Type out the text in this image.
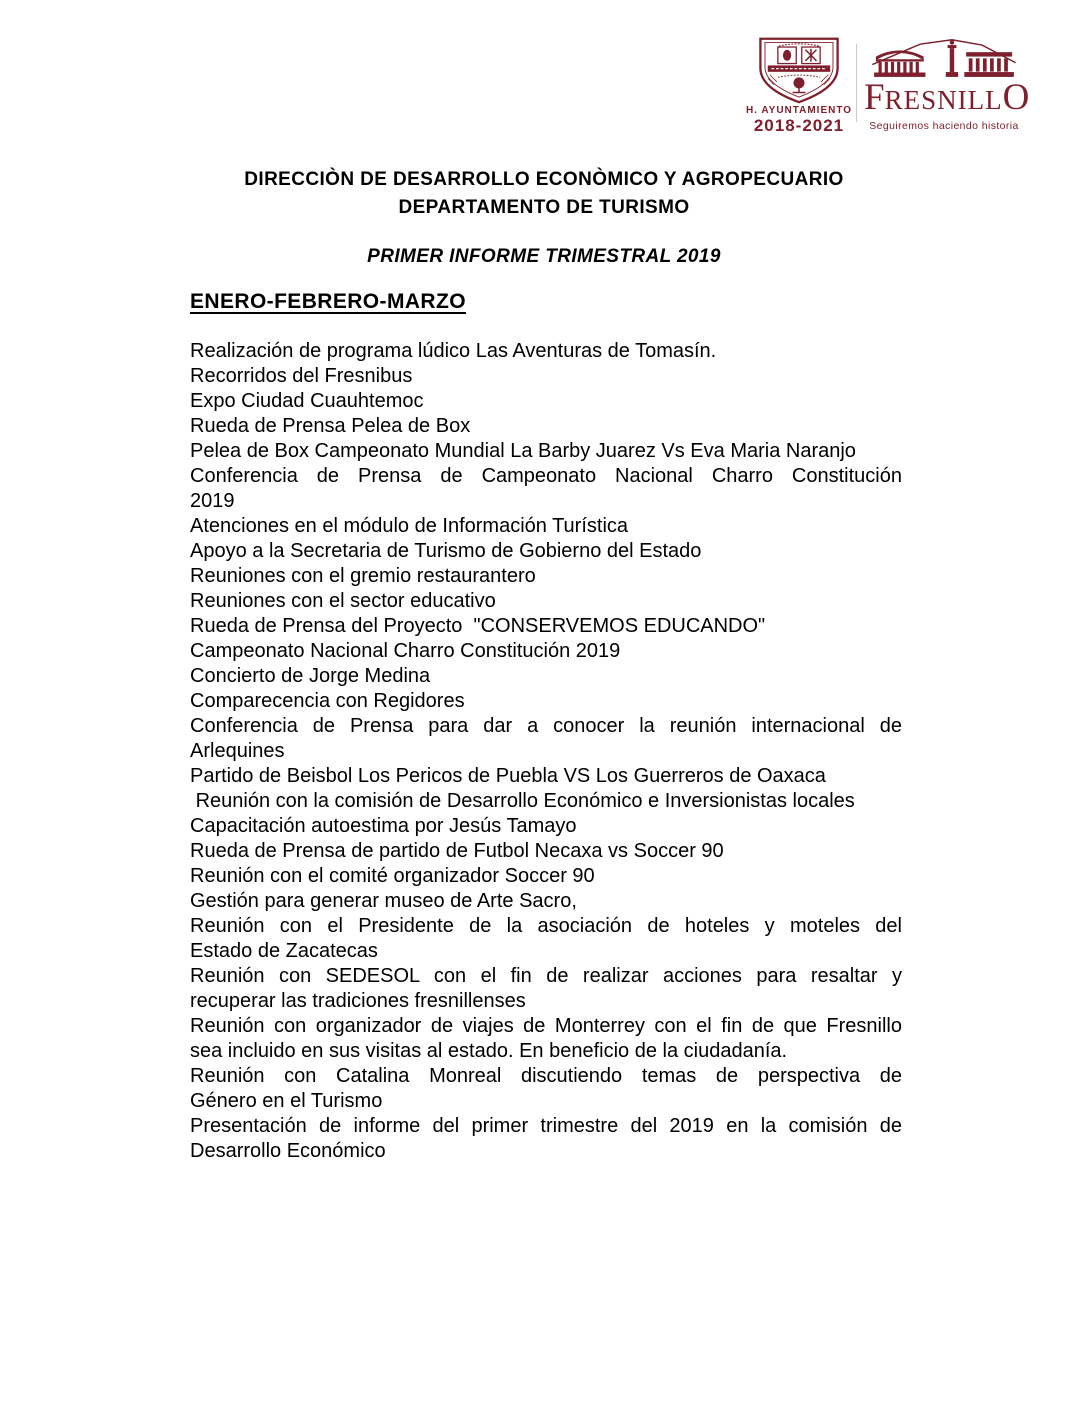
H. AYUNTAMIENTO
2018-2021
FRESNILLO
Seguiremos haciendo historia
DIRECCIÒN DE DESARROLLO ECONÒMICO Y AGROPECUARIO
DEPARTAMENTO DE TURISMO
PRIMER INFORME TRIMESTRAL 2019
ENERO-FEBRERO-MARZO
Realización de programa lúdico Las Aventuras de Tomasín.
Recorridos del Fresnibus
Expo Ciudad Cuauhtemoc
Rueda de Prensa Pelea de Box
Pelea de Box Campeonato Mundial La Barby Juarez Vs Eva Maria Naranjo
Conferencia de Prensa de Campeonato Nacional Charro Constitución
2019
Atenciones en el módulo de Información Turística
Apoyo a la Secretaria de Turismo de Gobierno del Estado
Reuniones con el gremio restaurantero
Reuniones con el sector educativo
Rueda de Prensa del Proyecto  "CONSERVEMOS EDUCANDO"
Campeonato Nacional Charro Constitución 2019
Concierto de Jorge Medina
Comparecencia con Regidores
Conferencia de Prensa para dar a conocer la reunión internacional de
Arlequines
Partido de Beisbol Los Pericos de Puebla VS Los Guerreros de Oaxaca
Reunión con la comisión de Desarrollo Económico e Inversionistas locales
Capacitación autoestima por Jesús Tamayo
Rueda de Prensa de partido de Futbol Necaxa vs Soccer 90
Reunión con el comité organizador Soccer 90
Gestión para generar museo de Arte Sacro,
Reunión con el Presidente de la asociación de hoteles y moteles del
Estado de Zacatecas
Reunión con SEDESOL con el fin de realizar acciones para resaltar y
recuperar las tradiciones fresnillenses
Reunión con organizador de viajes de Monterrey con el fin de que Fresnillo
sea incluido en sus visitas al estado. En beneficio de la ciudadanía.
Reunión con Catalina Monreal discutiendo temas de perspectiva de
Género en el Turismo
Presentación de informe del primer trimestre del 2019 en la comisión de
Desarrollo Económico
